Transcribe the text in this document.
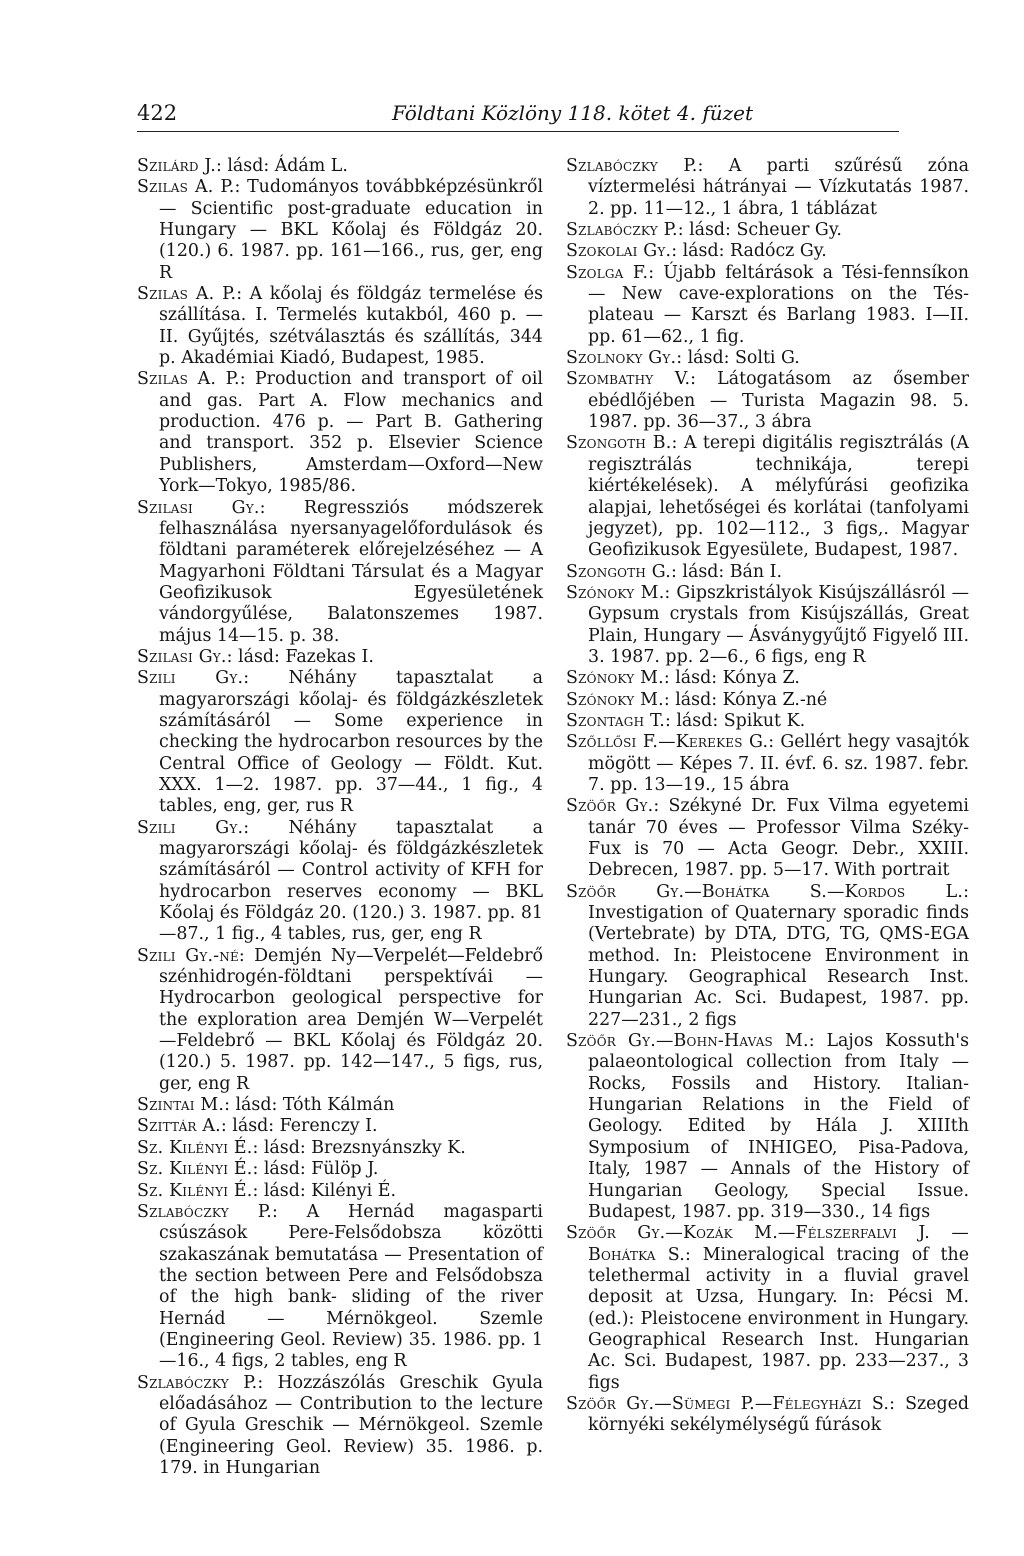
422	Földtani Közlöny 118. kötet 4. füzet

Szilárd J.: lásd: Ádám L.

Szilas A. P.: Tudományos továbbképzésünkről — Scientific post-graduate education in Hungary — BKL Kőolaj és Földgáz 20. (120.) 6. 1987. pp. 161—166., rus, ger, eng R

Szilas A. P.: A kőolaj és földgáz termelése és szállítása. I. Termelés kutakból, 460 p. — II. Gyűjtés, szétválasztás és szállítás, 344 p. Akadémiai Kiadó, Budapest, 1985.

Szilas A. P.: Production and transport of oil and gas. Part A. Flow mechanics and production. 476 p. — Part B. Gathering and transport. 352 p. Elsevier Science Publishers, Amsterdam—Oxford—New York—Tokyo, 1985/86.

Szilasi Gy.: Regressziós módszerek felhasználása nyersanyagelőfordulások és földtani paraméterek előrejelzéséhez — A Magyarhoni Földtani Társulat és a Magyar Geofizikusok Egyesületének vándorgyűlése, Balatonszemes 1987. május 14—15. p. 38.

Szilasi Gy.: lásd: Fazekas I.

Szili Gy.: Néhány tapasztalat a magyarországi kőolaj- és földgázkészletek számításáról — Some experience in checking the hydrocarbon resources by the Central Office of Geology — Földt. Kut. XXX. 1—2. 1987. pp. 37—44., 1 fig., 4 tables, eng, ger, rus R

Szili Gy.: Néhány tapasztalat a magyarországi kőolaj- és földgázkészletek számításáról — Control activity of KFH for hydrocarbon reserves economy — BKL Kőolaj és Földgáz 20. (120.) 3. 1987. pp. 81—87., 1 fig., 4 tables, rus, ger, eng R

Szili Gy.-né: Demjén Ny—Verpelét—Feldebrő szénhidrogén-földtani perspektívái — Hydrocarbon geological perspective for the exploration area Demjén W—Verpelét—Feldebrő — BKL Kőolaj és Földgáz 20. (120.) 5. 1987. pp. 142—147., 5 figs, rus, ger, eng R

Szintai M.: lásd: Tóth Kálmán

Szittár A.: lásd: Ferenczy I.

Sz. Kilényi É.: lásd: Brezsnyánszky K.

Sz. Kilényi É.: lásd: Fülöp J.

Sz. Kilényi É.: lásd: Kilényi É.

Szlabóczky P.: A Hernád magasparti csúszások Pere-Felsődobsza közötti szakaszának bemutatása — Presentation of the section between Pere and Felsődobsza of the high bank- sliding of the river Hernád — Mérnökgeol. Szemle (Engineering Geol. Review) 35. 1986. pp. 1—16., 4 figs, 2 tables, eng R

Szlabóczky P.: Hozzászólás Greschik Gyula előadásához — Contribution to the lecture of Gyula Greschik — Mérnökgeol. Szemle (Engineering Geol. Review) 35. 1986. p. 179. in Hungarian

Szlabóczky P.: A parti szűrésű zóna víztermelési hátrányai — Vízkutatás 1987. 2. pp. 11—12., 1 ábra, 1 táblázat

Szlabóczky P.: lásd: Scheuer Gy.

Szokolai Gy.: lásd: Radócz Gy.

Szolga F.: Újabb feltárások a Tési-fennsíkon — New cave-explorations on the Tés-plateau — Karszt és Barlang 1983. I—II. pp. 61—62., 1 fig.

Szolnoky Gy.: lásd: Solti G.

Szombathy V.: Látogatásom az ősember ebédlőjében — Turista Magazin 98. 5. 1987. pp. 36—37., 3 ábra

Szongoth B.: A terepi digitális regisztrálás (A regisztrálás technikája, terepi kiértékelések). A mélyfúrási geofizika alapjai, lehetőségei és korlátai (tanfolyami jegyzet), pp. 102—112., 3 figs,. Magyar Geofizikusok Egyesülete, Budapest, 1987.

Szongoth G.: lásd: Bán I.

Szónoky M.: Gipszkristályok Kisújszállásról — Gypsum crystals from Kisújszállás, Great Plain, Hungary — Ásványgyűjtő Figyelő III. 3. 1987. pp. 2—6., 6 figs, eng R

Szónoky M.: lásd: Kónya Z.

Szónoky M.: lásd: Kónya Z.-né

Szontagh T.: lásd: Spikut K.

Szőllősi F.—Kerekes G.: Gellért hegy vasajtók mögött — Képes 7. II. évf. 6. sz. 1987. febr. 7. pp. 13—19., 15 ábra

Szöőr Gy.: Székyné Dr. Fux Vilma egyetemi tanár 70 éves — Professor Vilma Széky-Fux is 70 — Acta Geogr. Debr., XXIII. Debrecen, 1987. pp. 5—17. With portrait

Szöőr Gy.—Bohátka S.—Kordos L.: Investigation of Quaternary sporadic finds (Vertebrate) by DTA, DTG, TG, QMS-EGA method. In: Pleistocene Environment in Hungary. Geographical Research Inst. Hungarian Ac. Sci. Budapest, 1987. pp. 227—231., 2 figs

Szöőr Gy.—Bohn-Havas M.: Lajos Kossuth's palaeontological collection from Italy — Rocks, Fossils and History. Italian-Hungarian Relations in the Field of Geology. Edited by Hála J. XIIIth Symposium of INHIGEO, Pisa-Padova, Italy, 1987 — Annals of the History of Hungarian Geology, Special Issue. Budapest, 1987. pp. 319—330., 14 figs

Szöőr Gy.—Kozák M.—Félszerfalvi J. — Bohátka S.: Mineralogical tracing of the telethermal activity in a fluvial gravel deposit at Uzsa, Hungary. In: Pécsi M. (ed.): Pleistocene environment in Hungary. Geographical Research Inst. Hungarian Ac. Sci. Budapest, 1987. pp. 233—237., 3 figs

Szöőr Gy.—Sümegi P.—Félegyházi S.: Szeged környéki sekélymélységű fúrások
